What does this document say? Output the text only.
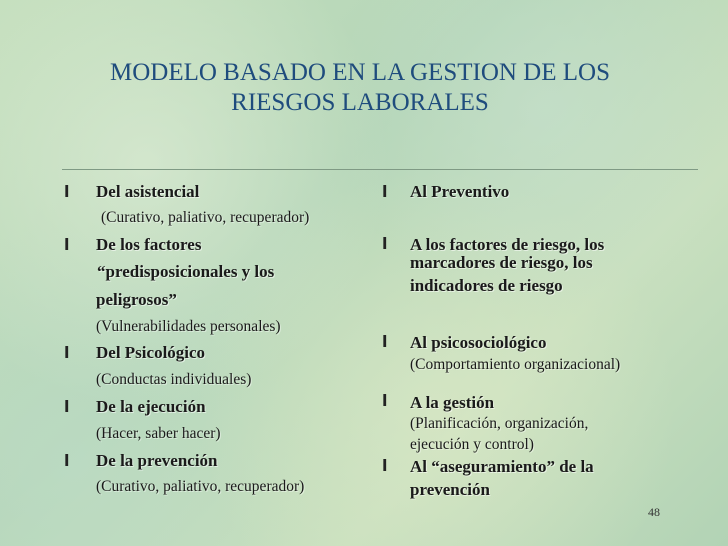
MODELO BASADO EN LA GESTION DE LOS
RIESGOS LABORALES
l Del asistencial
(Curativo, paliativo, recuperador)
l De los factores
“predisposicionales y los
peligrosos”
(Vulnerabilidades personales)
l Del Psicológico
(Conductas individuales)
l De la ejecución
(Hacer, saber hacer)
l De la prevención
(Curativo, paliativo, recuperador)
l Al Preventivo
l A los factores de riesgo, los
marcadores de riesgo, los
indicadores de riesgo
l Al psicosociológico
(Comportamiento organizacional)
l A la gestión
(Planificación, organización,
ejecución y control)
l Al “aseguramiento” de la
prevención
48
